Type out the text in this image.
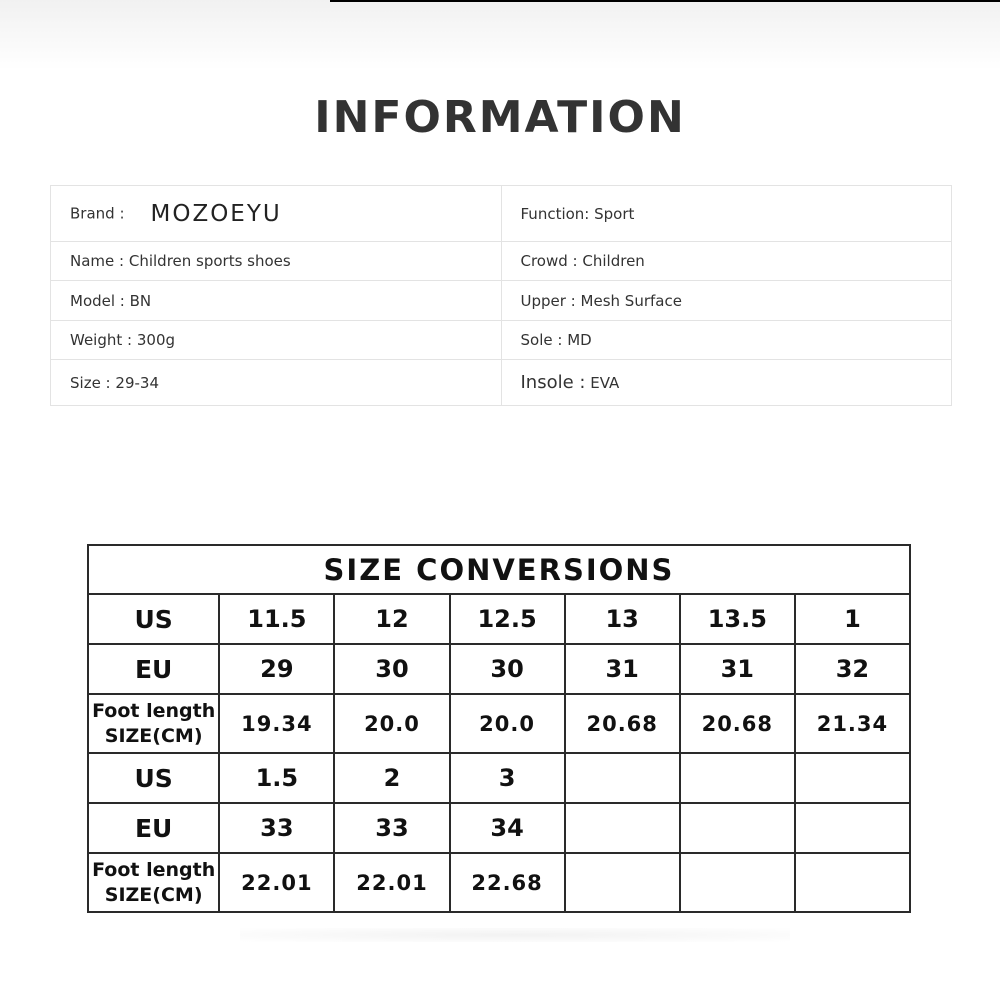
INFORMATION
Brand : MOZOEYU	Function: Sport
Name : Children sports shoes	Crowd : Children
Model : BN	Upper : Mesh Surface
Weight : 300g	Sole : MD
Size : 29-34	Insole : EVA
SIZE CONVERSIONS						
US	11.5	12	12.5	13	13.5	1
EU	29	30	30	31	31	32

Foot length
SIZE(CM)	19.34	20.0	20.0	20.68	20.68	21.34
US	1.5	2	3			
EU	33	33	34			

Foot length
SIZE(CM)	22.01	22.01	22.68			
